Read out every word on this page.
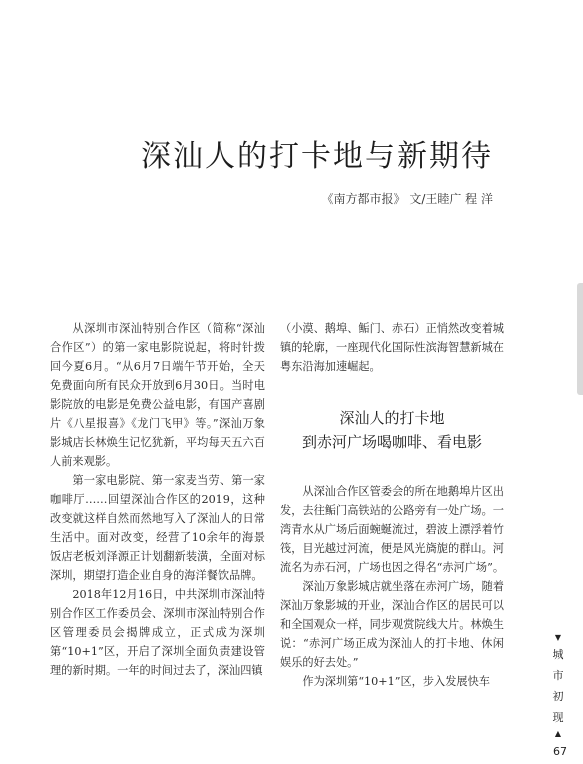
深汕人的打卡地与新期待
《南方都市报》 文/王睦广 程 洋

从深圳市深汕特别合作区（简称“深汕合作区”）的第一家电影院说起，将时针拨回今夏6月。“从6月7日端午节开始，全天免费面向所有民众开放到6月30日。当时电影院放的电影是免费公益电影，有国产喜剧片《八星报喜》《龙门飞甲》等。”深汕万象影城店长林焕生记忆犹新，平均每天五六百人前来观影。

第一家电影院、第一家麦当劳、第一家咖啡厅……回望深汕合作区的2019，这种改变就这样自然而然地写入了深汕人的日常生活中。面对改变，经营了10余年的海景饭店老板刘泽源正计划翻新装潢，全面对标深圳，期望打造企业自身的海洋餐饮品牌。

2018年12月16日，中共深圳市深汕特别合作区工作委员会、深圳市深汕特别合作区管理委员会揭牌成立，正式成为深圳第“10+1”区，开启了深圳全面负责建设管理的新时期。一年的时间过去了，深汕四镇

（小漠、鹅埠、鲘门、赤石）正悄然改变着城镇的轮廓，一座现代化国际性滨海智慧新城在粤东沿海加速崛起。

深汕人的打卡地
到赤河广场喝咖啡、看电影

从深汕合作区管委会的所在地鹅埠片区出发，去往鲘门高铁站的公路旁有一处广场。一湾青水从广场后面蜿蜒流过，碧波上漂浮着竹筏，目光越过河流，便是风光旖旎的群山。河流名为赤石河，广场也因之得名“赤河广场”。

深汕万象影城店就坐落在赤河广场，随着深汕万象影城的开业，深汕合作区的居民可以和全国观众一样，同步观赏院线大片。林焕生说：“赤河广场正成为深汕人的打卡地、休闲娱乐的好去处。”

作为深圳第“10+1”区，步入发展快车

▼
城
市
初
现
▲
67
